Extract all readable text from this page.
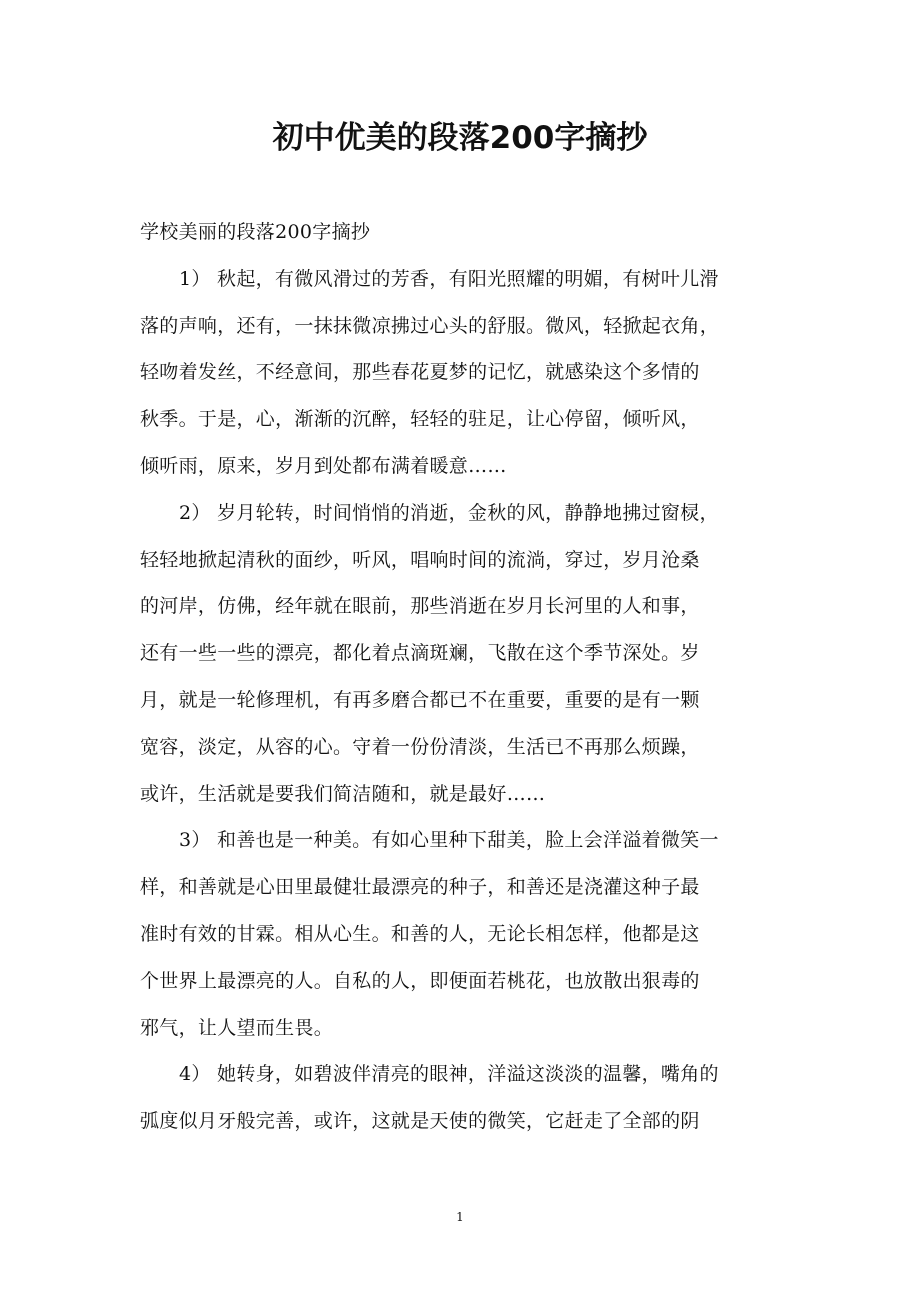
初中优美的段落200字摘抄
学校美丽的段落200字摘抄
1） 秋起，有微风滑过的芳香，有阳光照耀的明媚，有树叶儿滑
落的声响，还有，一抹抹微凉拂过心头的舒服。微风，轻掀起衣角，
轻吻着发丝，不经意间，那些春花夏梦的记忆，就感染这个多情的
秋季。于是，心，渐渐的沉醉，轻轻的驻足，让心停留，倾听风，
倾听雨，原来，岁月到处都布满着暖意……
2） 岁月轮转，时间悄悄的消逝，金秋的风，静静地拂过窗棂，
轻轻地掀起清秋的面纱，听风，唱响时间的流淌，穿过，岁月沧桑
的河岸，仿佛，经年就在眼前，那些消逝在岁月长河里的人和事，
还有一些一些的漂亮，都化着点滴斑斓，飞散在这个季节深处。岁
月，就是一轮修理机，有再多磨合都已不在重要，重要的是有一颗
宽容，淡定，从容的心。守着一份份清淡，生活已不再那么烦躁，
或许，生活就是要我们简洁随和，就是最好……
3） 和善也是一种美。有如心里种下甜美，脸上会洋溢着微笑一
样，和善就是心田里最健壮最漂亮的种子，和善还是浇灌这种子最
准时有效的甘霖。相从心生。和善的人，无论长相怎样，他都是这
个世界上最漂亮的人。自私的人，即便面若桃花，也放散出狠毒的
邪气，让人望而生畏。
4） 她转身，如碧波伴清亮的眼神，洋溢这淡淡的温馨，嘴角的
弧度似月牙般完善，或许，这就是天使的微笑，它赶走了全部的阴
1
